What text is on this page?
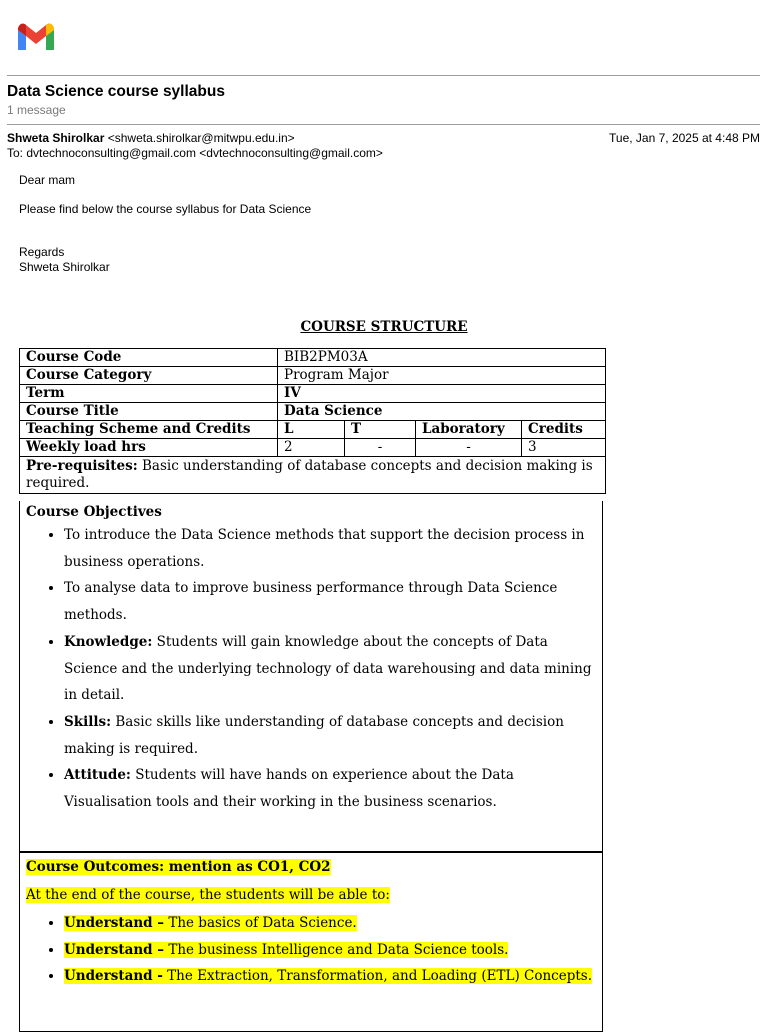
Data Science course syllabus
1 message
Shweta Shirolkar <shweta.shirolkar@mitwpu.edu.in>	Tue, Jan 7, 2025 at 4:48 PM
To: dvtechnoconsulting@gmail.com <dvtechnoconsulting@gmail.com>
Dear mam
Please find below the course syllabus for Data Science
Regards
Shweta Shirolkar
COURSE STRUCTURE
Course Code	BIB2PM03A			
Course Category	Program Major			
Term	IV			
Course Title	Data Science			
Teaching Scheme and Credits	L	T	Laboratory	Credits
Weekly load hrs	2	-	-	3
Pre-requisites: Basic understanding of database concepts and decision making is required.				
Course Objectives
• To introduce the Data Science methods that support the decision process in business operations.
• To analyse data to improve business performance through Data Science methods.
• Knowledge: Students will gain knowledge about the concepts of Data Science and the underlying technology of data warehousing and data mining in detail.
• Skills: Basic skills like understanding of database concepts and decision making is required.
• Attitude: Students will have hands on experience about the Data Visualisation tools and their working in the business scenarios.
Course Outcomes: mention as CO1, CO2
At the end of the course, the students will be able to:
• Understand – The basics of Data Science.
• Understand – The business Intelligence and Data Science tools.
• Understand - The Extraction, Transformation, and Loading (ETL) Concepts.
